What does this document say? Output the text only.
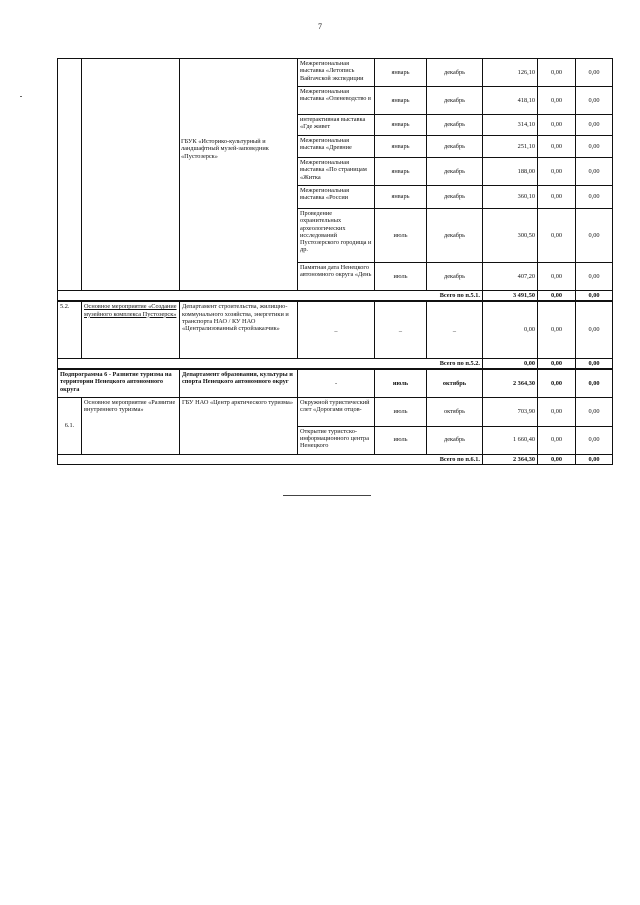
7

			Межрегиональная выставка «Летопись Вайгачской экспедиции	январь	декабрь	126,10	0,00	0,00

			Межрегиональная выставка «Оленеводство в	январь	декабрь	418,10	0,00	0,00

			интерактивная выставка «Где живет	январь	декабрь	314,10	0,00	0,00

			Межрегиональная выставка «Древние	январь	декабрь	251,10	0,00	0,00

			Межрегиональная выставка «По страницам «Житка	январь	декабрь	188,00	0,00	0,00

			Межрегиональная выставка «России	январь	декабрь	360,10	0,00	0,00

			Проведение охранительных археологических исследований Пустозерского городища и др.	июль	декабрь	300,50	0,00	0,00

			Памятная дата Ненецкого автономного округа «День	июль	декабрь	407,20	0,00	0,00
Всего по п.5.1.						3 491,50	0,00	0,00
5.2.	Основное мероприятие «Создание музейного комплекса Пустозерск»	Департамент строительства, жилищно-коммунального хозяйства, энергетики и транспорта НАО / КУ НАО «Централизованный стройзаказчик»	_	_	_	0,00	0,00	0,00
Всего по п.5.2.						0,00	0,00	0,00
Подпрограмма 6 - Развитие туризма на территории Ненецкого автономного округа		Департамент образования, культуры и спорта Ненецкого автономного округ	-	июль	октябрь	2 364,30	0,00	0,00
6.1.	Основное мероприятие «Развитие внутреннего туризма»	ГБУ НАО «Центр арктического туризма»	Окружной туристический слет «Дорогами отцов-	июль	октябрь	703,90	0,00	0,00

			Открытие туристско-информационного центра Ненецкого	июль	декабрь	1 660,40	0,00	0,00
Всего по п.6.1.						2 364,30	0,00	0,00
ГБУК «Историко-культурный и ландшафтный музей-заповедник «Пустозерск»
